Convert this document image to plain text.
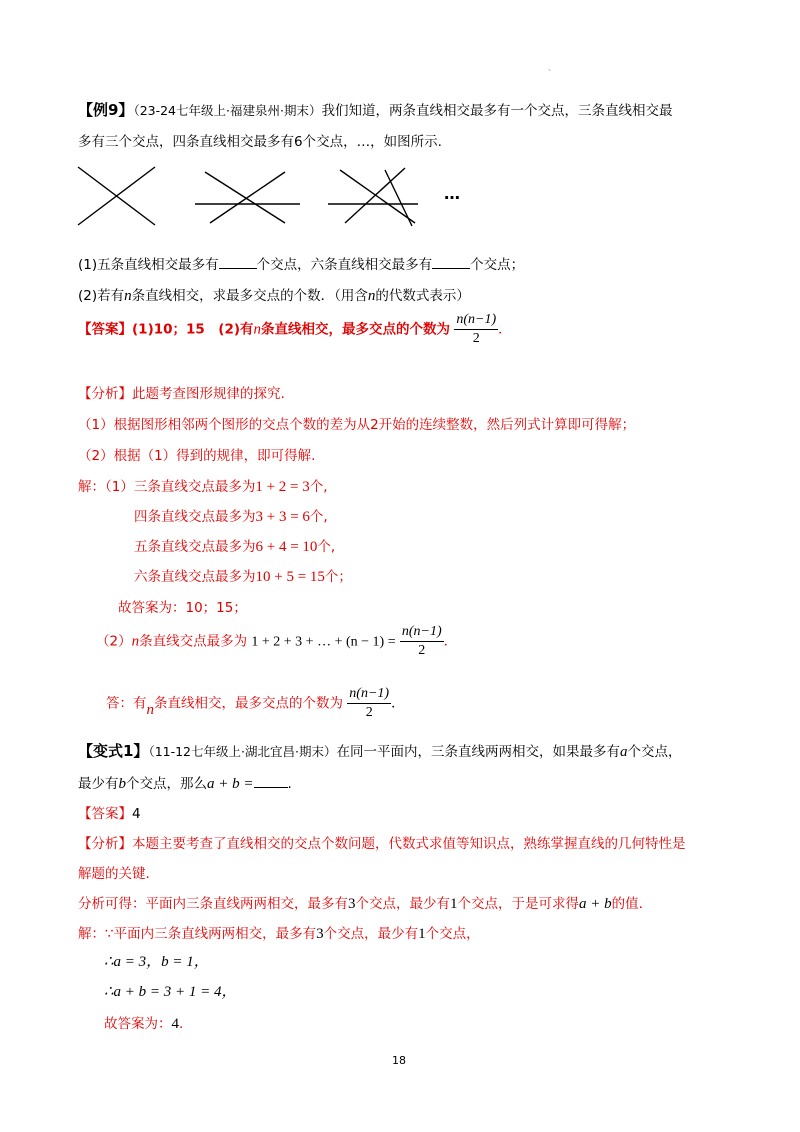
、
【例9】（23-24七年级上·福建泉州·期末）我们知道，两条直线相交最多有一个交点，三条直线相交最
多有三个交点，四条直线相交最多有6个交点，…，如图所示.
…
(1)五条直线相交最多有	个交点，六条直线相交最多有	个交点；
(2)若有n条直线相交，求最多交点的个数．（用含n的代数式表示）
【答案】(1)10；15　(2)有n条直线相交，最多交点的个数为 $\frac{n(n-1)}{2}$ ．
【分析】此题考查图形规律的探究.
（1）根据图形相邻两个图形的交点个数的差为从2开始的连续整数，然后列式计算即可得解；
（2）根据（1）得到的规律，即可得解.
解：（1）三条直线交点最多为1 + 2 = 3个,
四条直线交点最多为3 + 3 = 6个,
五条直线交点最多为6 + 4 = 10个,
六条直线交点最多为10 + 5 = 15个；
故答案为：10；15；
（2）n条直线交点最多为 1 + 2 + 3 + … + $(n - 1) = \frac{n(n-1)}{2}$ ．
答：有n条直线相交，最多交点的个数为 $\frac{n(n-1)}{2}$ ．
【变式1】（11-12七年级上·湖北宜昌·期末）在同一平面内，三条直线两两相交，如果最多有a个交点，
最少有b个交点，那么a + b =	.
【答案】4
【分析】本题主要考查了直线相交的交点个数问题，代数式求值等知识点，熟练掌握直线的几何特性是
解题的关键.
分析可得：平面内三条直线两两相交，最多有3个交点，最少有1个交点，于是可求得a + b的值.
解：∵平面内三条直线两两相交，最多有3个交点，最少有1个交点，
∴a = 3，b = 1，
∴a + b = 3 + 1 = 4，
故答案为：4.
18
